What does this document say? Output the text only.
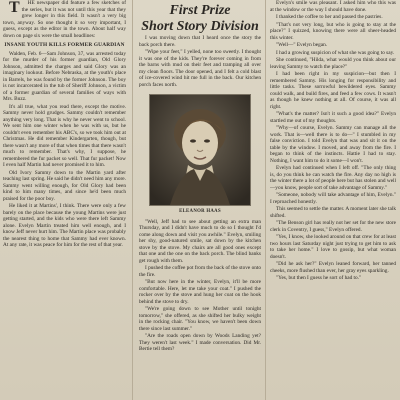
THE newspaper did feature a few sketches of the series, but it was not until this year that they grew longer in this field. It wasn't a very big town, anyway. So one thought it so very important, I guess, except as the editor in the town. About half way down on page six were the small headlines:

INSANE YOUTH KILLS FORMER GUARDIAN

Walden, Feb. 6—Sam Johnson, 37, was arrested today for the murder of his former guardian, Old Glory Johnson, admitted the charges and said Glory was an imaginary lookout. Before Nebraska, at the youth's place in Barrels, he was found by the former Johnson. The boy is not incarcerated in the tub of Sheriff Johnson, a victim of a former guardian of several families of ways with Mrs. Buzz.

It's all true, what you read there, except the motive. Sammy never hold grudges. Sammy couldn't remember anything very long. That is why he never went to school. We sent him one winter when he was with us, but he couldn't even remember his ABC's, so we took him out at Christmas. He did remember Kindergarten, though, but there wasn't any more of that when times that there wasn't much to remember. That's why, I suppose, he remembered the fur packet so well. That fur packet! Now I even half Martin had never promised it to him.

Old Ivory Sammy down to the Martin yard after teaching last spring. He said he didn't need him any more. Sammy went willing enough, for Old Glory had been kind to him many times, and since he'd been much praised for the poor boy.

He liked it at Martins', I think. There were only a few barely on the place because the young Martins were just getting started, and the kids who were there left Sammy alone. Evelyn Martin treated him well enough, and I know Jeff never hurt him. The Martin place was probably the nearest thing to home that Sammy had ever known. At any rate, it was peace for him for the rest of that year.

First Prize
Short Story Division

I was moving down that I heard once the story the back porch there.

"Wipe your feet," I yelled, none too sweetly. I thought it was one of the kids. They're forever coming in from the barns with mud on their feet and tramping all over my clean floors. The door opened, and I felt a cold blast of ice-covered wind hit me full in the back. Our kitchen porch faces north.

ELEANOR HAAS

"Well, Jeff had to see about getting an extra man Thursday, and I didn't have much to do so I thought I'd come along down and visit you awhile." Evelyn, smiling her shy, good-natured smile, sat down by the kitchen stove by the stove. My chairs are all good ones except that one and the one on the back porch. The blind banks get rough with them.

I pushed the coffee pot from the back of the stove onto the fire.

"But now here in the winter, Evelyn, it'll be more comfortable. Here, let me take your coat." I pushed the rocker over by the stove and hung her coat on the hook behind the stove to dry.

"We're going down to see Mother until tonight tomorrow," she offered, as she shifted her bulky weight in the rocking chair. "You know, we haven't been down there since last summer."

"Are the roads open down by Woods Landing yet? They weren't last week." I made conversation. Did Mr. Bertie tell them?

Evelyn's smile was pleasant. I asked him who this was at the window or the way I should have done.

I thanked the coffee to her and passed the pastries.

"That's not very long, but who is going to stay at the place?" I quizzed, knowing there were all sheer-headed this winter.

"Well—" Evelyn began.

I had a growing suspicion of what she was going to say.

She continued, "Hilda, what would you think about our leaving Sammy to watch the place?"

I had been right in my suspicion—but then I remembered Sammy. His longing for responsibility and little tasks. These sorrowful bewildered eyes. Sammy could walk, and build fires, and feed a few cows. It wasn't as though he knew nothing at all. Of course, it was all right.

"What's the matter? Isn't it such a good idea?" Evelyn startled me out of my thoughts.

"Why—of course, Evelyn. Sammy can manage all the work. That is—well there is to do—" I stumbled in my false conviction. I told Evelyn that was and sit it on the table by the window. I moved, and away from the fire. I began to think of the instincts. Hattie I had to stay. Nothing, I want him to do it some—I won't.

Evelyn had continued when I left off. "The only thing is, do you think he can watch the fire. Any day no high is the winter there a lot of people here but has stolen and well—you know, people sort of take advantage of Sammy."

"Someone, nobody will take advantage of him, Evelyn." I reproached honestly.

This seemed to settle the matter. A moment later she talk shifted.

"The Benson girl has really not her set for the new store clerk in Coventry, I guess," Evelyn offered.

"Yes, I know, she looked around on that crew for at least two hours last Saturday night just trying to get him to ask to take her home." I love to gossip, but what woman doesn't.

"Did he ask her?" Evelyn leaned forward, her tanned cheeks, more flushed than ever, her gray eyes sparkling.

"Yes, but then I guess he sort of had to."
